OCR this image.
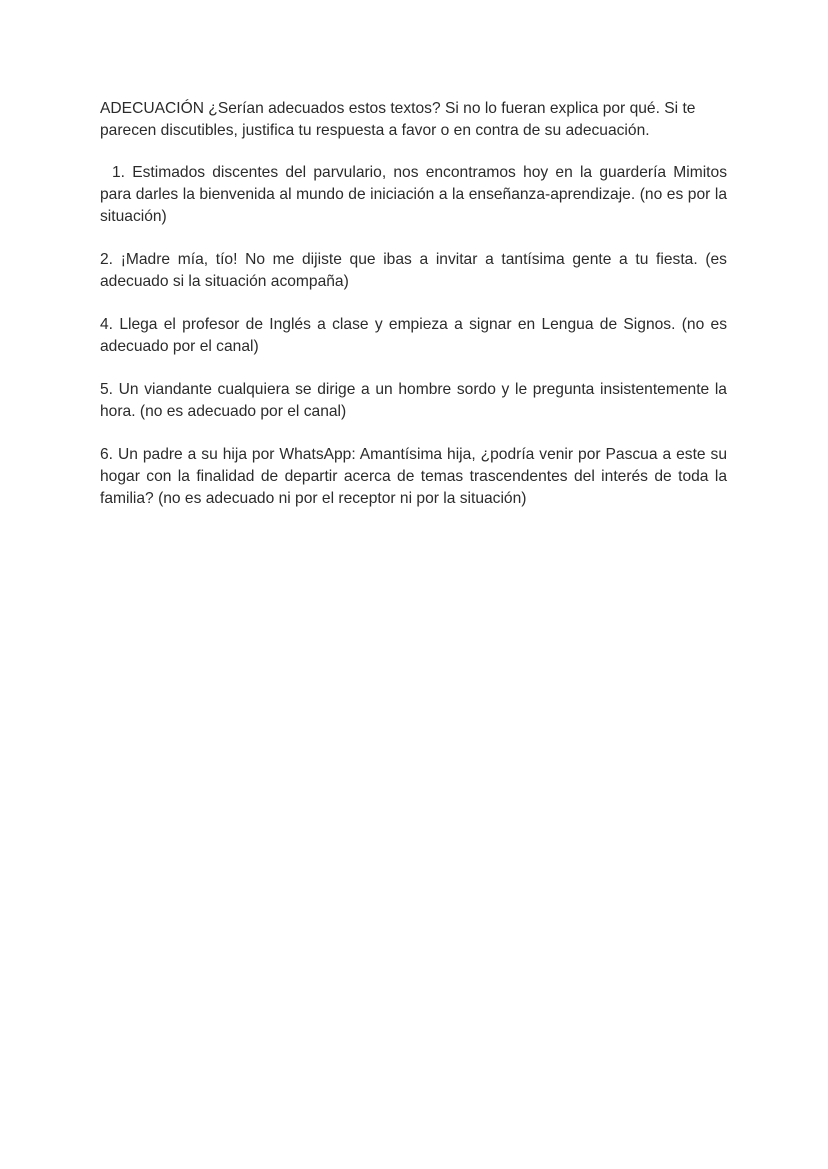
ADECUACIÓN ¿Serían adecuados estos textos? Si no lo fueran explica por qué. Si te parecen discutibles, justifica tu respuesta a favor o en contra de su adecuación.

1. Estimados discentes del parvulario, nos encontramos hoy en la guardería Mimitos para darles la bienvenida al mundo de iniciación a la enseñanza-aprendizaje. (no es por la situación)

2. ¡Madre mía, tío! No me dijiste que ibas a invitar a tantísima gente a tu fiesta. (es adecuado si la situación acompaña)

4. Llega el profesor de Inglés a clase y empieza a signar en Lengua de Signos. (no es adecuado por el canal)

5. Un viandante cualquiera se dirige a un hombre sordo y le pregunta insistentemente la hora. (no es adecuado por el canal)

6. Un padre a su hija por WhatsApp: Amantísima hija, ¿podría venir por Pascua a este su hogar con la finalidad de departir acerca de temas trascendentes del interés de toda la familia? (no es adecuado ni por el receptor ni por la situación)
